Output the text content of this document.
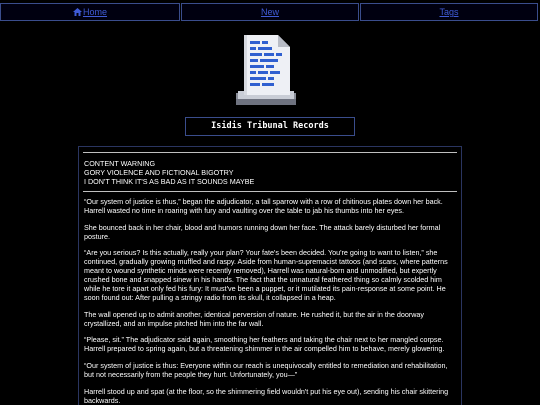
Home	New	Tags
Isidis Tribunal Records
CONTENT WARNING
GORY VIOLENCE AND FICTIONAL BIGOTRY
I DON'T THINK IT'S AS BAD AS IT SOUNDS MAYBE

“Our system of justice is thus,” began the adjudicator, a tall sparrow with a row of chitinous plates down her back. Harrell wasted no time in roaring with fury and vaulting over the table to jab his thumbs into her eyes.

She bounced back in her chair, blood and humors running down her face. The attack barely disturbed her formal posture.

“Are you serious? Is this actually, really your plan? Your fate's been decided. You're going to want to listen,” she continued, gradually growing muffled and raspy. Aside from human-supremacist tattoos (and scars, where patterns meant to wound synthetic minds were recently removed), Harrell was natural-born and unmodified, but expertly crushed bone and snapped sinew in his hands. The fact that the unnatural feathered thing so calmly scolded him while he tore it apart only fed his fury: It must've been a puppet, or it mutilated its pain-response at some point. He soon found out: After pulling a stringy radio from its skull, it collapsed in a heap.

The wall opened up to admit another, identical perversion of nature. He rushed it, but the air in the doorway crystallized, and an impulse pitched him into the far wall.

“Please, sit.” The adjudicator said again, smoothing her feathers and taking the chair next to her mangled corpse. Harrell prepared to spring again, but a threatening shimmer in the air compelled him to behave, merely glowering.

“Our system of justice is thus: Everyone within our reach is unequivocally entitled to remediation and rehabilitation, but not necessarily from the people they hurt. Unfortunately, you—”

Harrell stood up and spat (at the floor, so the shimmering field wouldn't put his eye out), sending his chair skittering backwards.
